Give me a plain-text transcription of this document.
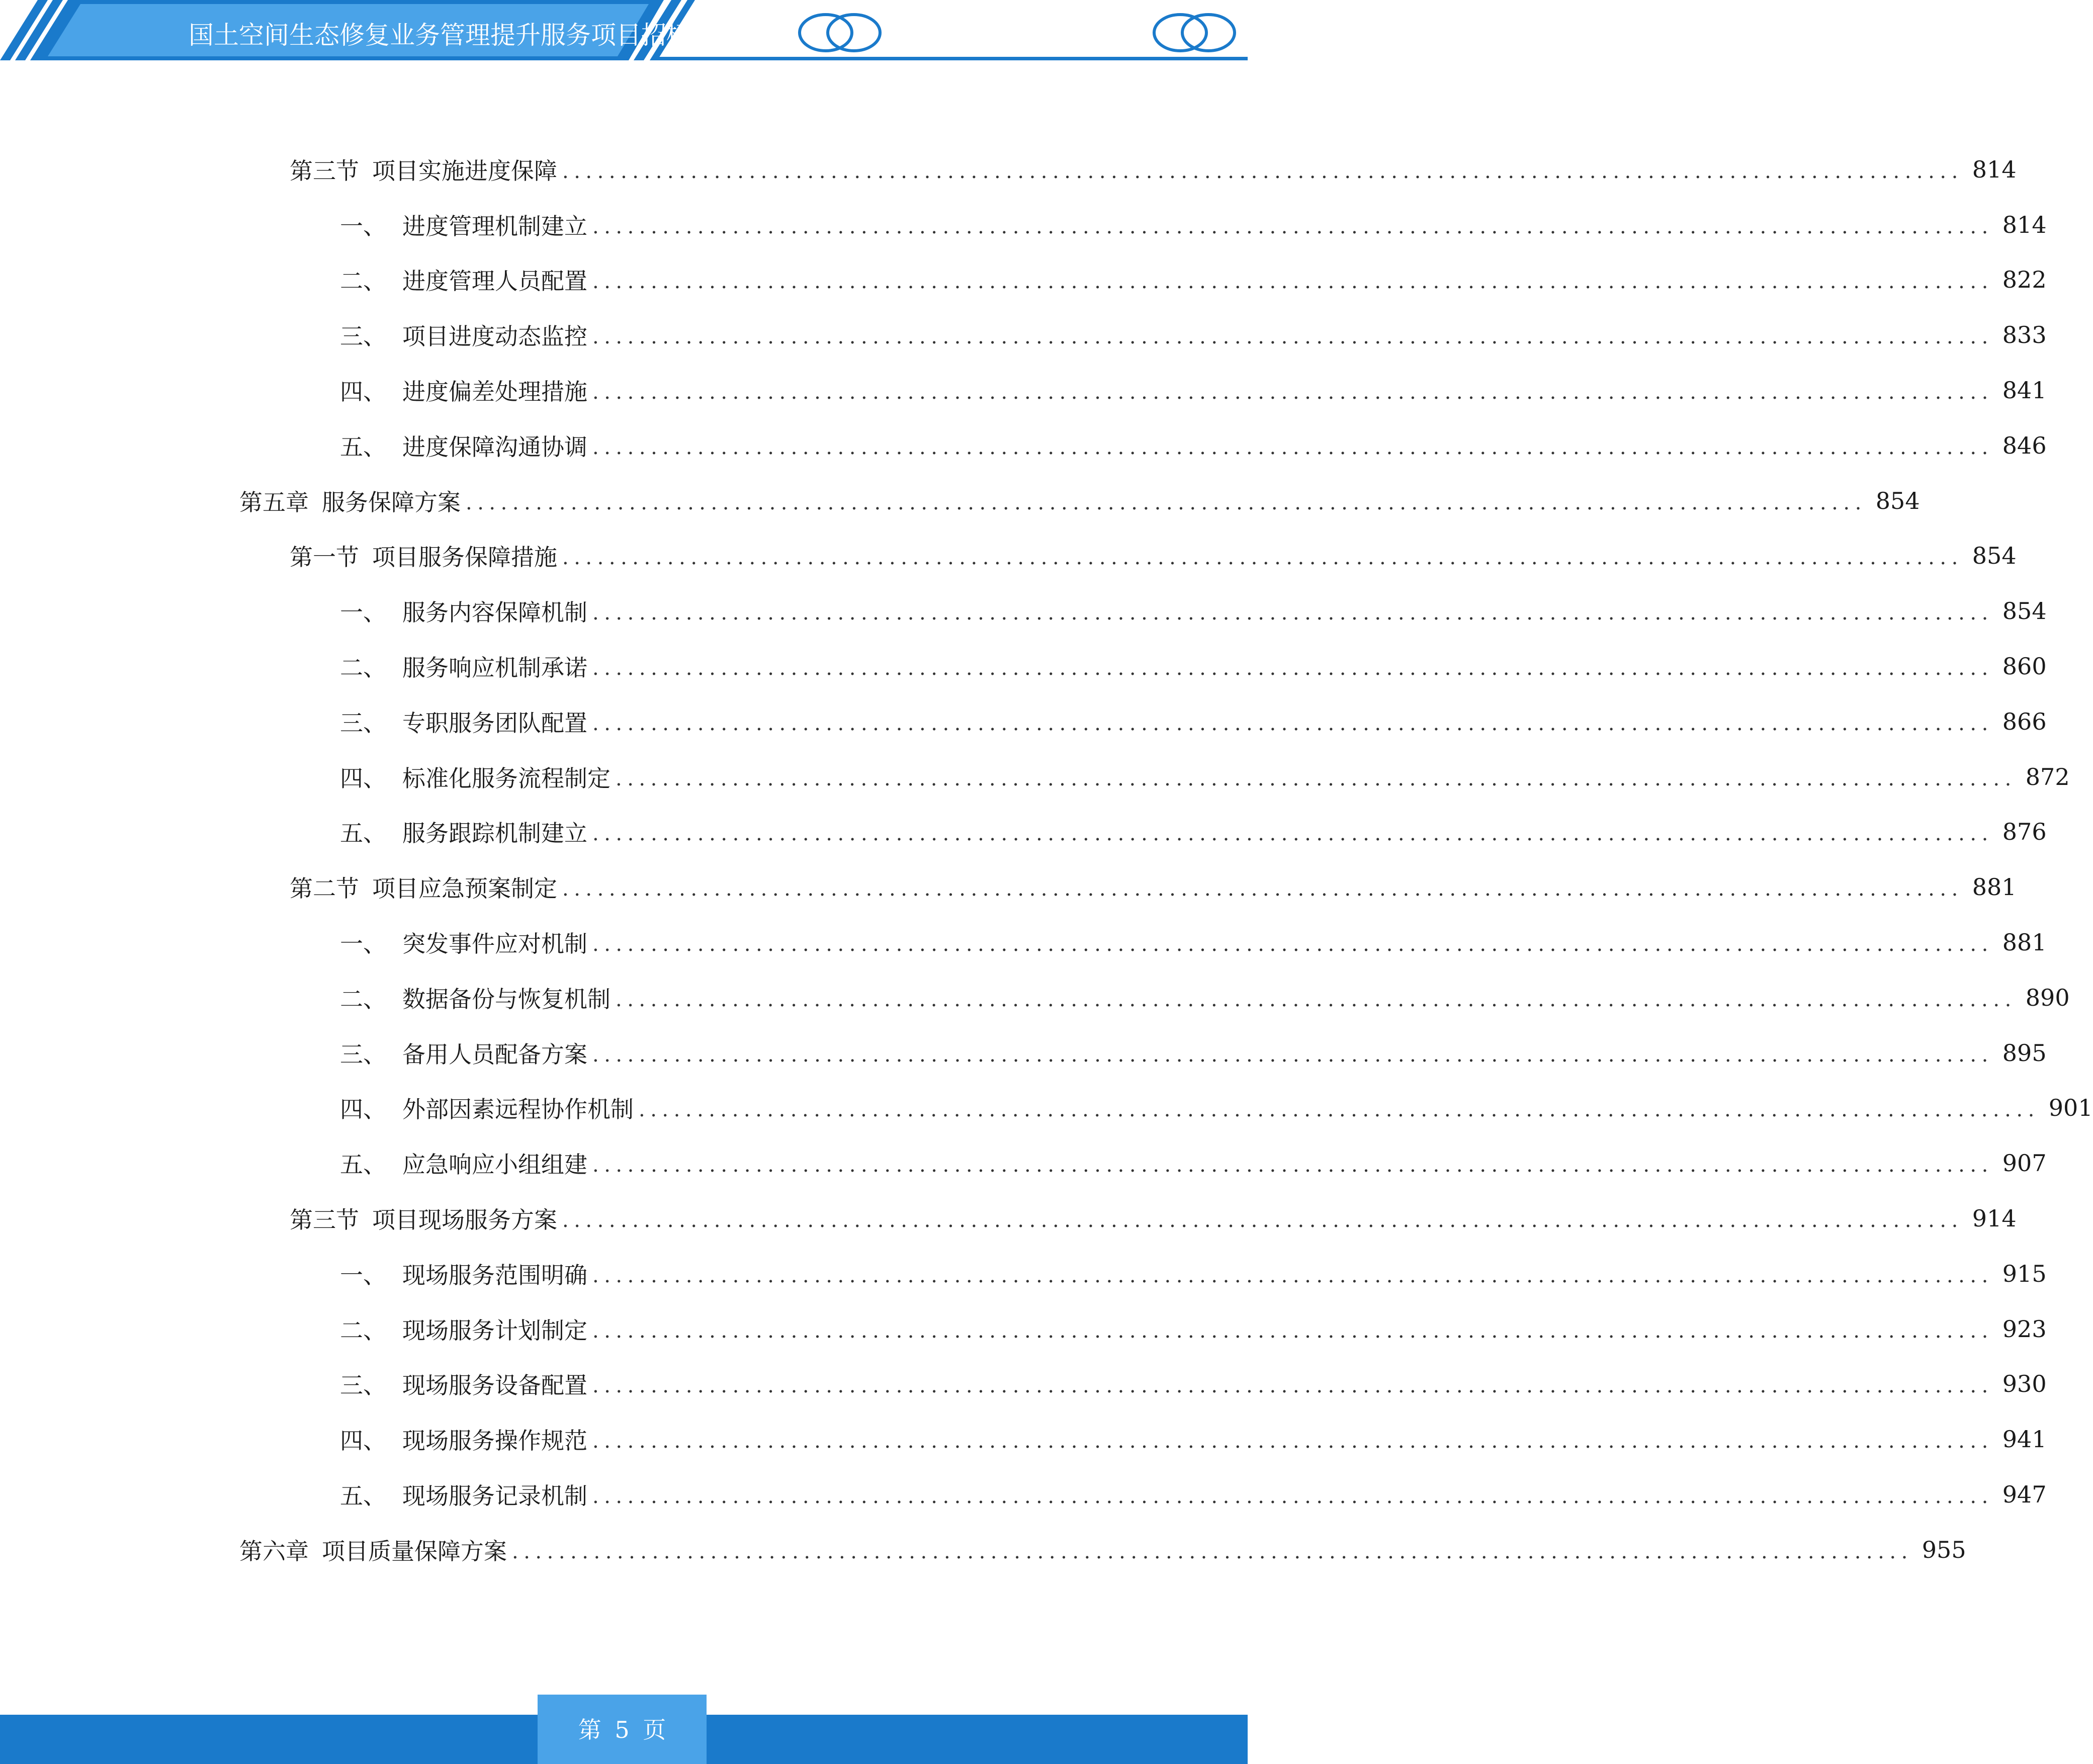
国土空间生态修复业务管理提升服务项目招标
第三节 项目实施进度保障 ........................................................................................................................ 814
一、 进度管理机制建立 ........................................................................................................................ 814
二、 进度管理人员配置 ........................................................................................................................ 822
三、 项目进度动态监控 ........................................................................................................................ 833
四、 进度偏差处理措施 ........................................................................................................................ 841
五、 进度保障沟通协调 ........................................................................................................................ 846
第五章 服务保障方案 ........................................................................................................................ 854
第一节 项目服务保障措施 ........................................................................................................................ 854
一、 服务内容保障机制 ........................................................................................................................ 854
二、 服务响应机制承诺 ........................................................................................................................ 860
三、 专职服务团队配置 ........................................................................................................................ 866
四、 标准化服务流程制定 ........................................................................................................................ 872
五、 服务跟踪机制建立 ........................................................................................................................ 876
第二节 项目应急预案制定 ........................................................................................................................ 881
一、 突发事件应对机制 ........................................................................................................................ 881
二、 数据备份与恢复机制 ........................................................................................................................ 890
三、 备用人员配备方案 ........................................................................................................................ 895
四、 外部因素远程协作机制 ........................................................................................................................ 901
五、 应急响应小组组建 ........................................................................................................................ 907
第三节 项目现场服务方案 ........................................................................................................................ 914
一、 现场服务范围明确 ........................................................................................................................ 915
二、 现场服务计划制定 ........................................................................................................................ 923
三、 现场服务设备配置 ........................................................................................................................ 930
四、 现场服务操作规范 ........................................................................................................................ 941
五、 现场服务记录机制 ........................................................................................................................ 947
第六章 项目质量保障方案 ........................................................................................................................ 955
第 5 页
